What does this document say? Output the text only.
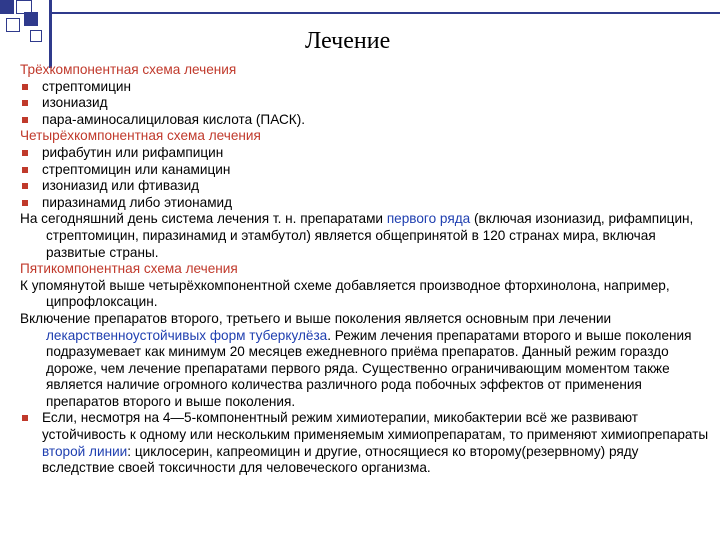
Лечение

Трёхкомпонентная схема лечения

стрептомицин
изониазид
пара-аминосалициловая кислота (ПАСК).

Четырёхкомпонентная схема лечения

рифабутин или рифампицин
стрептомицин или канамицин
изониазид или фтивазид
пиразинамид либо этионамид

На сегодняшний день система лечения т. н. препаратами первого ряда (включая изониазид, рифампицин, стрептомицин, пиразинамид и этамбутол) является общепринятой в 120 странах мира, включая развитые страны.

Пятикомпонентная схема лечения

К упомянутой выше четырёхкомпонентной схеме добавляется производное фторхинолона, например, ципрофлоксацин.

Включение препаратов второго, третьего и выше поколения является основным при лечении лекарственноустойчивых форм туберкулёза. Режим лечения препаратами второго и выше поколения подразумевает как минимум 20 месяцев ежедневного приёма препаратов. Данный режим гораздо дороже, чем лечение препаратами первого ряда. Существенно ограничивающим моментом также является наличие огромного количества различного рода побочных эффектов от применения препаратов второго и выше поколения.

Если, несмотря на 4—5-компонентный режим химиотерапии, микобактерии всё же развивают устойчивость к одному или нескольким применяемым химиопрепаратам, то применяют химиопрепараты второй линии: циклосерин, капреомицин и другие, относящиеся ко второму(резервному) ряду вследствие своей токсичности для человеческого организма.
